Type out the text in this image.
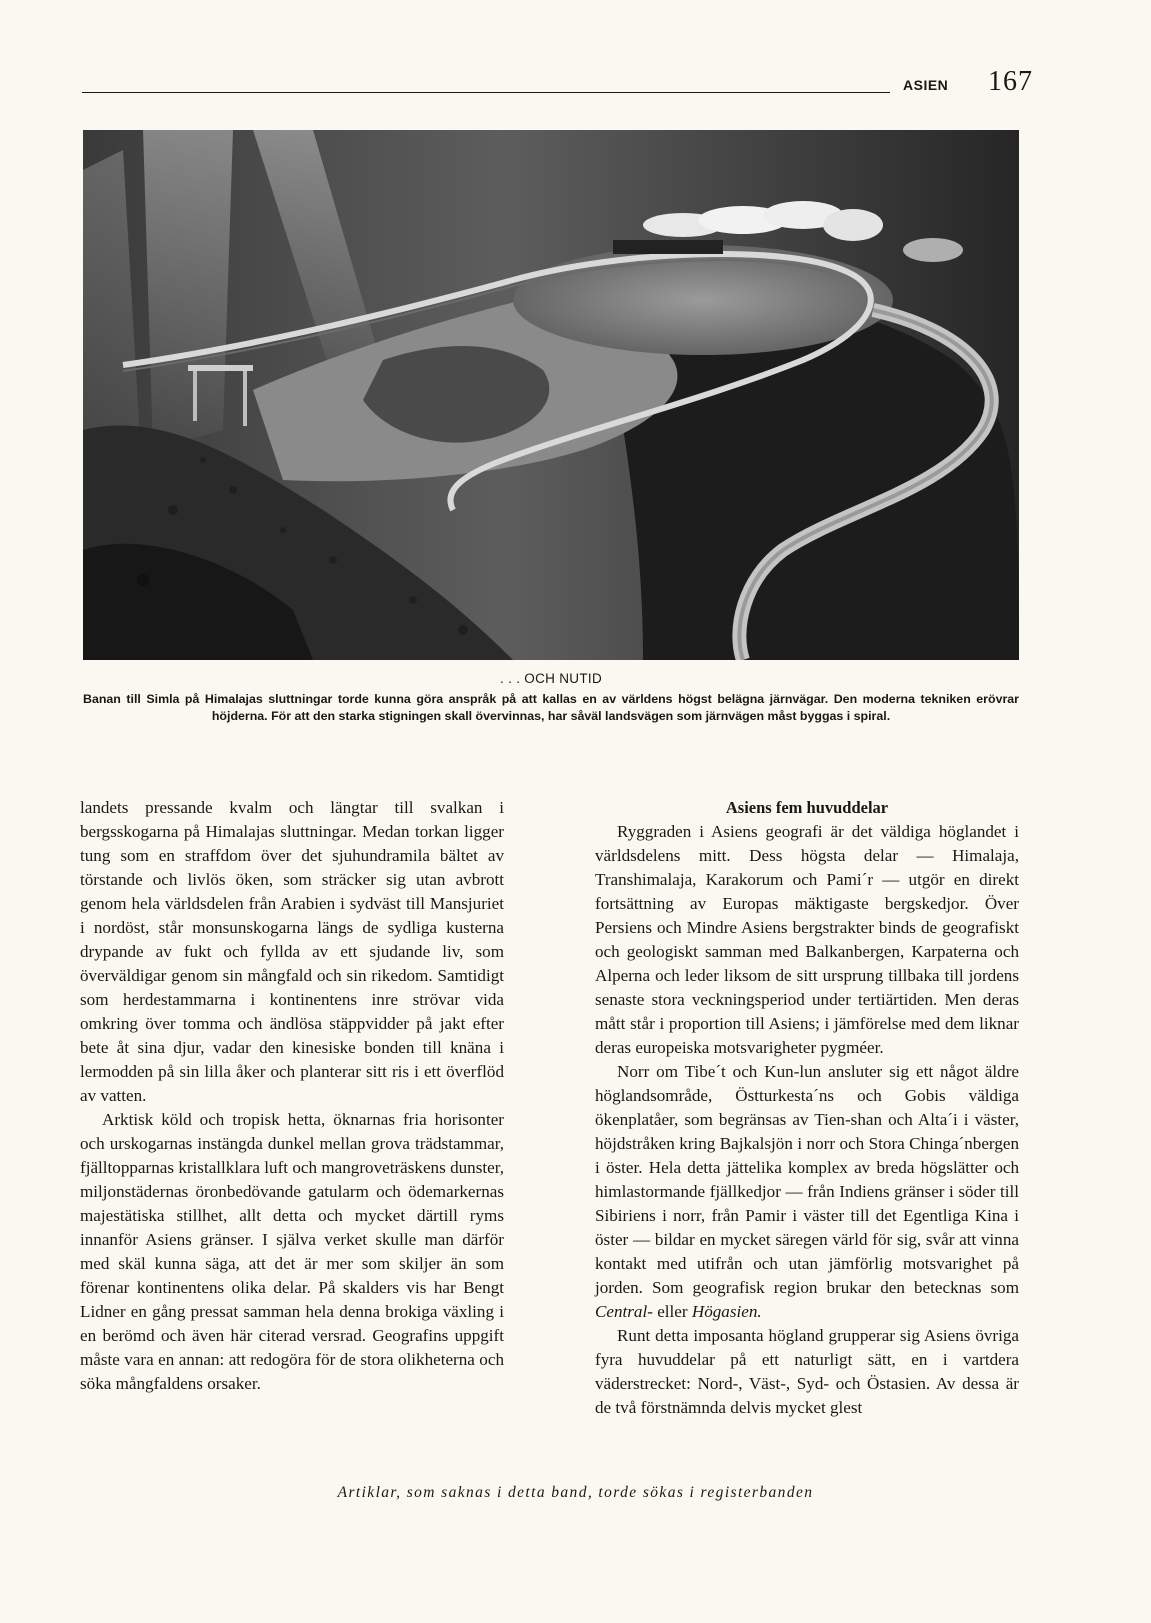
ASIEN 167
. . . OCH NUTID
Banan till Simla på Himalajas sluttningar torde kunna göra anspråk på att kallas en av världens högst belägna järnvägar. Den moderna tekniken erövrar höjderna. För att den starka stigningen skall övervinnas, har såväl landsvägen som järnvägen måst byggas i spiral.

landets pressande kvalm och längtar till svalkan i bergsskogarna på Himalajas sluttningar. Medan torkan ligger tung som en straffdom över det sjuhundramila bältet av törstande och livlös öken, som sträcker sig utan avbrott genom hela världsdelen från Arabien i sydväst till Mansjuriet i nordöst, står monsunskogarna längs de sydliga kusterna drypande av fukt och fyllda av ett sjudande liv, som överväldigar genom sin mångfald och sin rikedom. Samtidigt som herdestammarna i kontinentens inre strövar vida omkring över tomma och ändlösa stäppvidder på jakt efter bete åt sina djur, vadar den kinesiske bonden till knäna i lermodden på sin lilla åker och planterar sitt ris i ett överflöd av vatten.

Arktisk köld och tropisk hetta, öknarnas fria horisonter och urskogarnas instängda dunkel mellan grova trädstammar, fjälltopparnas kristallklara luft och mangroveträskens dunster, miljonstädernas öronbedövande gatularm och ödemarkernas majestätiska stillhet, allt detta och mycket därtill ryms innanför Asiens gränser. I själva verket skulle man därför med skäl kunna säga, att det är mer som skiljer än som förenar kontinentens olika delar. På skalders vis har Bengt Lidner en gång pressat samman hela denna brokiga växling i en berömd och även här citerad versrad. Geografins uppgift måste vara en annan: att redogöra för de stora olikheterna och söka mångfaldens orsaker.

Asiens fem huvuddelar

Ryggraden i Asiens geografi är det väldiga höglandet i världsdelens mitt. Dess högsta delar — Himalaja, Transhimalaja, Karakorum och Pami´r — utgör en direkt fortsättning av Europas mäktigaste bergskedjor. Över Persiens och Mindre Asiens bergstrakter binds de geografiskt och geologiskt samman med Balkanbergen, Karpaterna och Alperna och leder liksom de sitt ursprung tillbaka till jordens senaste stora veckningsperiod under tertiärtiden. Men deras mått står i proportion till Asiens; i jämförelse med dem liknar deras europeiska motsvarigheter pygméer.

Norr om Tibe´t och Kun-lun ansluter sig ett något äldre höglandsområde, Östturkesta´ns och Gobis väldiga ökenplatåer, som begränsas av Tien-shan och Alta´i i väster, höjdstråken kring Bajkalsjön i norr och Stora Chinga´nbergen i öster. Hela detta jättelika komplex av breda högslätter och himlastormande fjällkedjor — från Indiens gränser i söder till Sibiriens i norr, från Pamir i väster till det Egentliga Kina i öster — bildar en mycket säregen värld för sig, svår att vinna kontakt med utifrån och utan jämförlig motsvarighet på jorden. Som geografisk region brukar den betecknas som Central- eller Högasien.

Runt detta imposanta högland grupperar sig Asiens övriga fyra huvuddelar på ett naturligt sätt, en i vartdera väderstrecket: Nord-, Väst-, Syd- och Östasien. Av dessa är de två förstnämnda delvis mycket glest

Artiklar, som saknas i detta band, torde sökas i registerbanden
